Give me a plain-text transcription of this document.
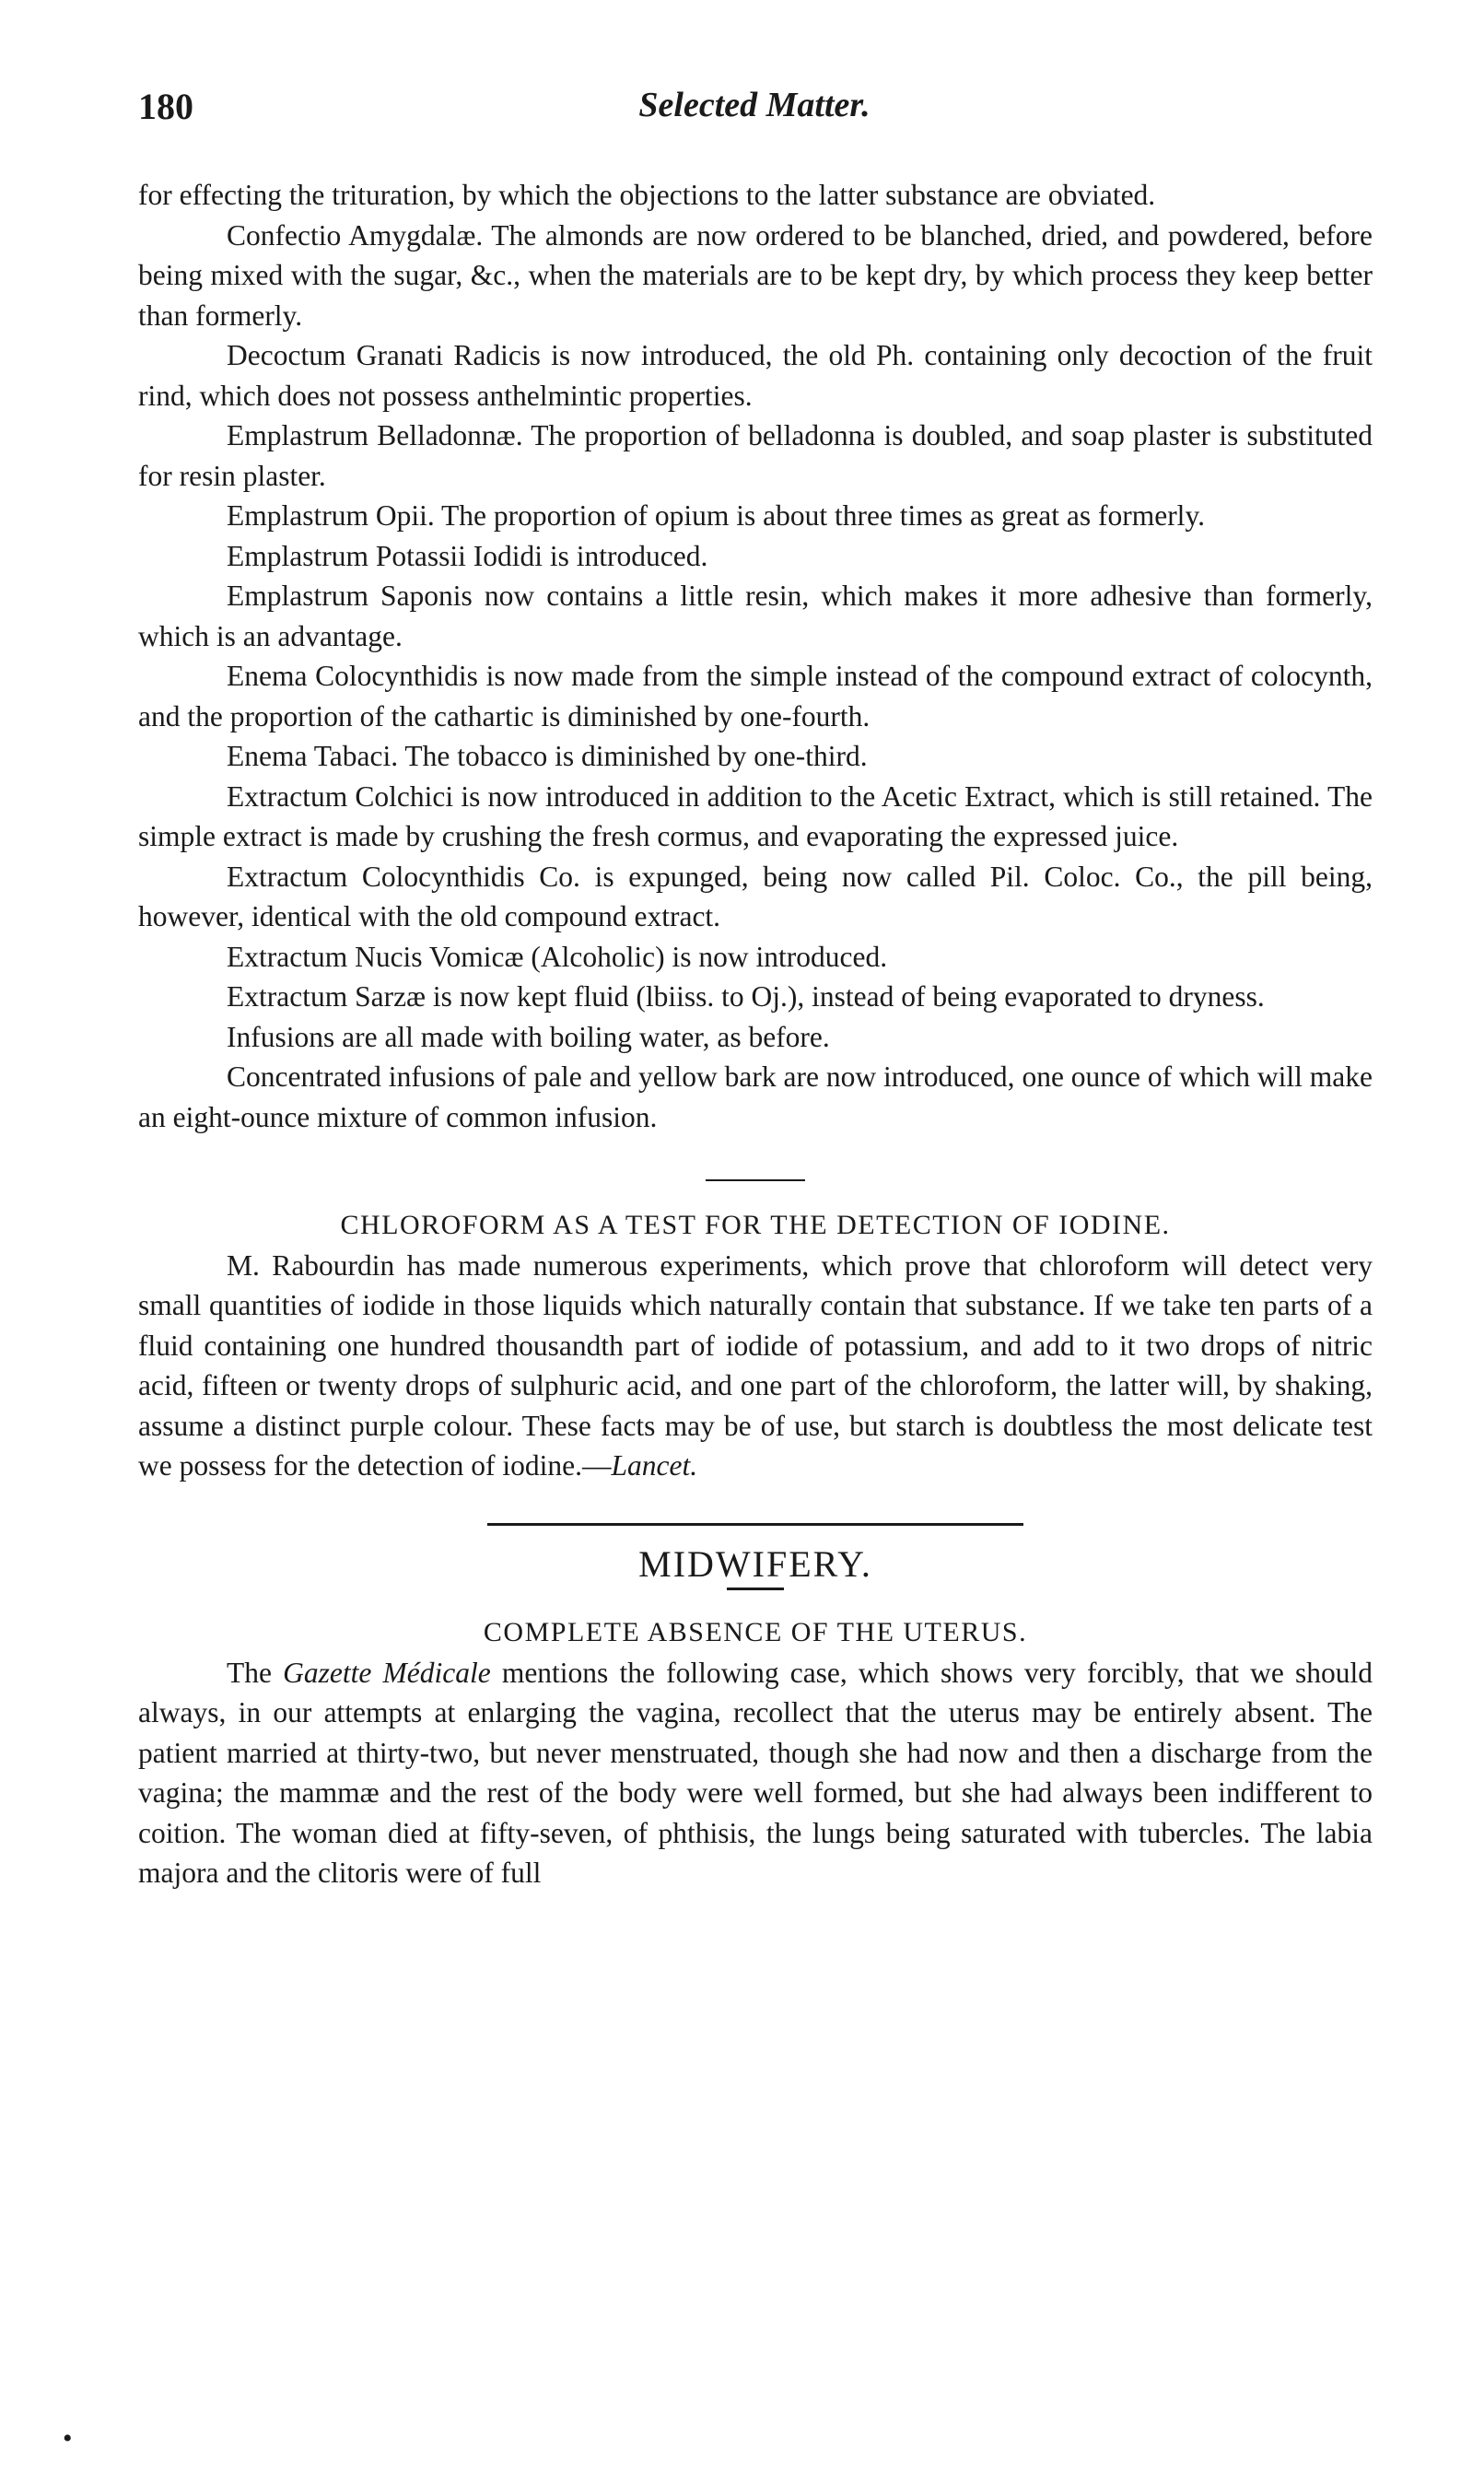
180	Selected Matter.

for effecting the trituration, by which the objections to the latter substance are obviated.

Confectio Amygdalæ. The almonds are now ordered to be blanched, dried, and powdered, before being mixed with the sugar, &c., when the materials are to be kept dry, by which process they keep better than formerly.

Decoctum Granati Radicis is now introduced, the old Ph. containing only decoction of the fruit rind, which does not possess anthelmintic properties.

Emplastrum Belladonnæ. The proportion of belladonna is doubled, and soap plaster is substituted for resin plaster.

Emplastrum Opii. The proportion of opium is about three times as great as formerly.

Emplastrum Potassii Iodidi is introduced.

Emplastrum Saponis now contains a little resin, which makes it more adhesive than formerly, which is an advantage.

Enema Colocynthidis is now made from the simple instead of the compound extract of colocynth, and the proportion of the cathartic is diminished by one-fourth.

Enema Tabaci. The tobacco is diminished by one-third.

Extractum Colchici is now introduced in addition to the Acetic Extract, which is still retained. The simple extract is made by crushing the fresh cormus, and evaporating the expressed juice.

Extractum Colocynthidis Co. is expunged, being now called Pil. Coloc. Co., the pill being, however, identical with the old compound extract.

Extractum Nucis Vomicæ (Alcoholic) is now introduced.

Extractum Sarzæ is now kept fluid (lbiiss. to Oj.), instead of being evaporated to dryness.

Infusions are all made with boiling water, as before.

Concentrated infusions of pale and yellow bark are now introduced, one ounce of which will make an eight-ounce mixture of common infusion.

CHLOROFORM AS A TEST FOR THE DETECTION OF IODINE.

M. Rabourdin has made numerous experiments, which prove that chloroform will detect very small quantities of iodide in those liquids which naturally contain that substance. If we take ten parts of a fluid containing one hundred thousandth part of iodide of potassium, and add to it two drops of nitric acid, fifteen or twenty drops of sulphuric acid, and one part of the chloroform, the latter will, by shaking, assume a distinct purple colour. These facts may be of use, but starch is doubtless the most delicate test we possess for the detection of iodine.—Lancet.

MIDWIFERY.

COMPLETE ABSENCE OF THE UTERUS.

The Gazette Médicale mentions the following case, which shows very forcibly, that we should always, in our attempts at enlarging the vagina, recollect that the uterus may be entirely absent. The patient married at thirty-two, but never menstruated, though she had now and then a discharge from the vagina; the mammæ and the rest of the body were well formed, but she had always been indifferent to coition. The woman died at fifty-seven, of phthisis, the lungs being saturated with tubercles. The labia majora and the clitoris were of full

•
